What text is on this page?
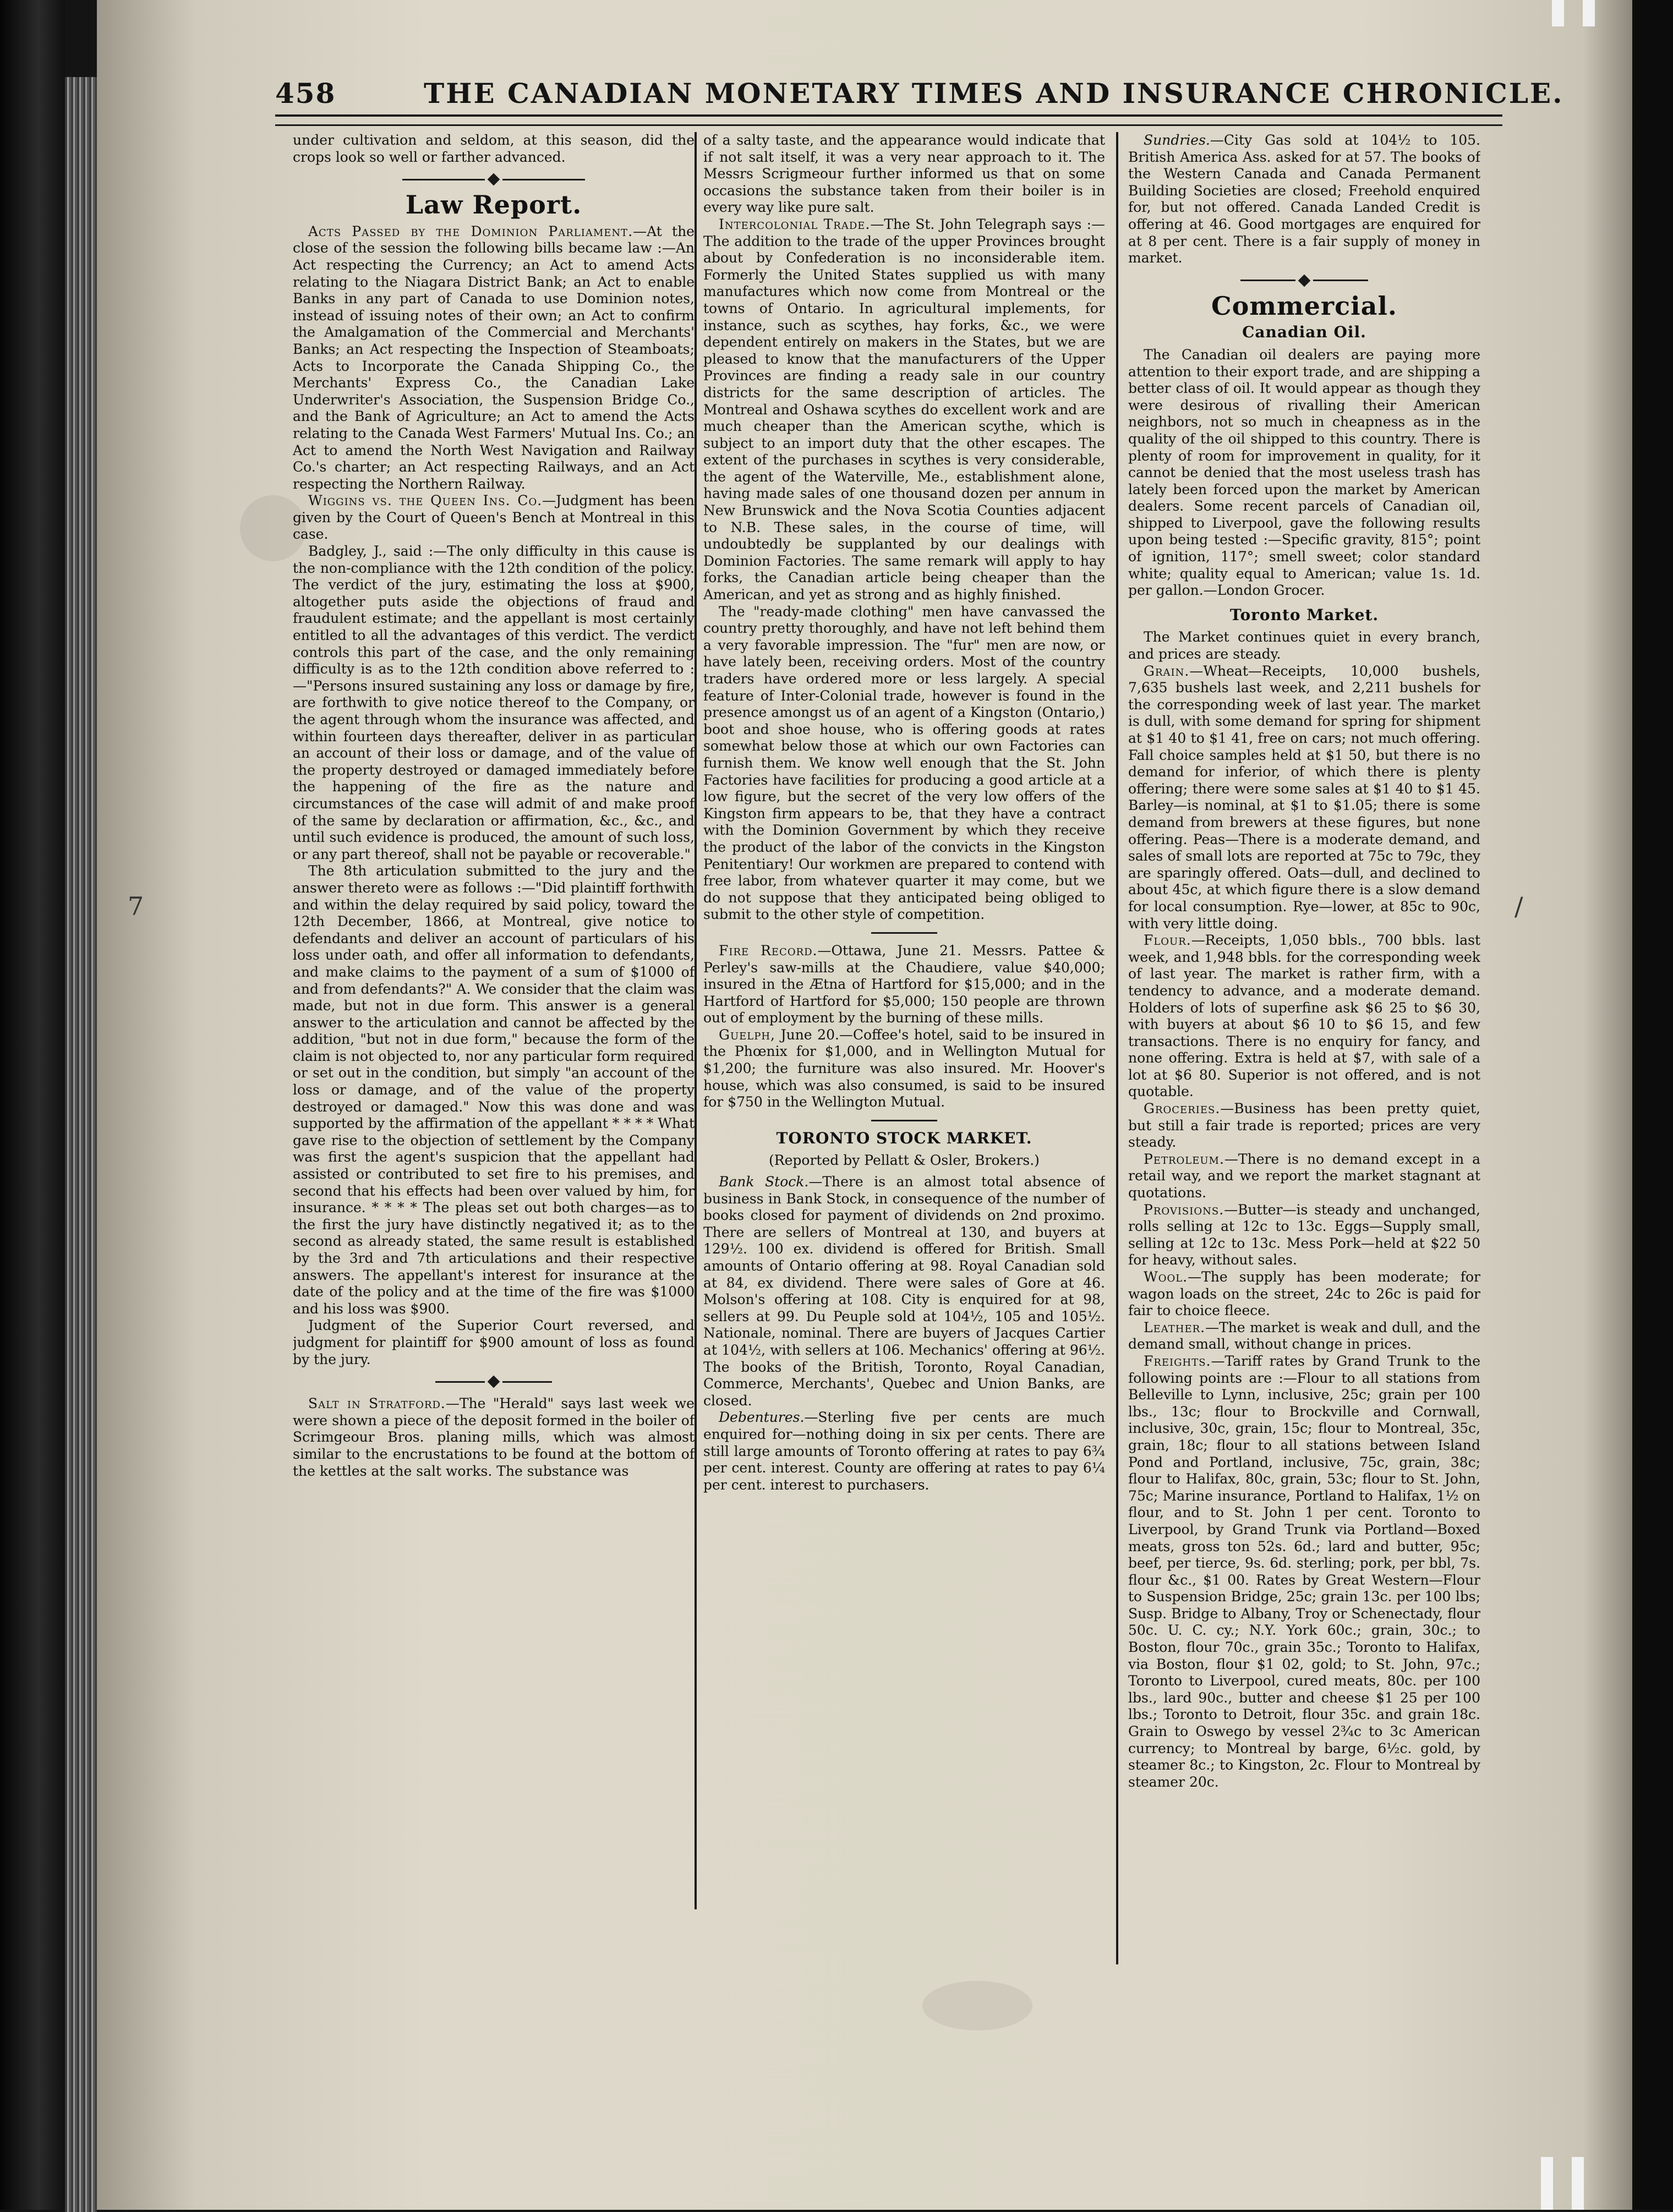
458	THE CANADIAN MONETARY TIMES AND INSURANCE CHRONICLE.

under cultivation and seldom, at this season, did the crops look so well or farther advanced.

Law Report.

Acts Passed by the Dominion Parliament.—At the close of the session the following bills became law :—An Act respecting the Currency; an Act to amend Acts relating to the Niagara District Bank; an Act to enable Banks in any part of Canada to use Dominion notes, instead of issuing notes of their own; an Act to confirm the Amalgamation of the Commercial and Merchants' Banks; an Act respecting the Inspection of Steamboats; Acts to Incorporate the Canada Shipping Co., the Merchants' Express Co., the Canadian Lake Underwriter's Association, the Suspension Bridge Co., and the Bank of Agriculture; an Act to amend the Acts relating to the Canada West Farmers' Mutual Ins. Co.; an Act to amend the North West Navigation and Railway Co.'s charter; an Act respecting Railways, and an Act respecting the Northern Railway.

Wiggins vs. the Queen Ins. Co.—Judgment has been given by the Court of Queen's Bench at Montreal in this case.

Badgley, J., said :—The only difficulty in this cause is the non-compliance with the 12th condition of the policy. The verdict of the jury, estimating the loss at $900, altogether puts aside the objections of fraud and fraudulent estimate; and the appellant is most certainly entitled to all the advantages of this verdict. The verdict controls this part of the case, and the only remaining difficulty is as to the 12th condition above referred to :—"Persons insured sustaining any loss or damage by fire, are forthwith to give notice thereof to the Company, or the agent through whom the insurance was affected, and within fourteen days thereafter, deliver in as particular an account of their loss or damage, and of the value of the property destroyed or damaged immediately before the happening of the fire as the nature and circumstances of the case will admit of and make proof of the same by declaration or affirmation, &c., &c., and until such evidence is produced, the amount of such loss, or any part thereof, shall not be payable or recoverable."

The 8th articulation submitted to the jury and the answer thereto were as follows :—"Did plaintiff forthwith and within the delay required by said policy, toward the 12th December, 1866, at Montreal, give notice to defendants and deliver an account of particulars of his loss under oath, and offer all information to defendants, and make claims to the payment of a sum of $1000 of and from defendants?" A. We consider that the claim was made, but not in due form. This answer is a general answer to the articulation and cannot be affected by the addition, "but not in due form," because the form of the claim is not objected to, nor any particular form required or set out in the condition, but simply "an account of the loss or damage, and of the value of the property destroyed or damaged." Now this was done and was supported by the affirmation of the appellant * * * * What gave rise to the objection of settlement by the Company was first the agent's suspicion that the appellant had assisted or contributed to set fire to his premises, and second that his effects had been over valued by him, for insurance. * * * * The pleas set out both charges—as to the first the jury have distinctly negatived it; as to the second as already stated, the same result is established by the 3rd and 7th articulations and their respective answers. The appellant's interest for insurance at the date of the policy and at the time of the fire was $1000 and his loss was $900.

Judgment of the Superior Court reversed, and judgment for plaintiff for $900 amount of loss as found by the jury.

Salt in Stratford.—The "Herald" says last week we were shown a piece of the deposit formed in the boiler of Scrimgeour Bros. planing mills, which was almost similar to the encrustations to be found at the bottom of the kettles at the salt works. The substance was

of a salty taste, and the appearance would indicate that if not salt itself, it was a very near approach to it. The Messrs Scrigmeour further informed us that on some occasions the substance taken from their boiler is in every way like pure salt.

Intercolonial Trade.—The St. John Telegraph says :—The addition to the trade of the upper Provinces brought about by Confederation is no inconsiderable item. Formerly the United States supplied us with many manufactures which now come from Montreal or the towns of Ontario. In agricultural implements, for instance, such as scythes, hay forks, &c., we were dependent entirely on makers in the States, but we are pleased to know that the manufacturers of the Upper Provinces are finding a ready sale in our country districts for the same description of articles. The Montreal and Oshawa scythes do excellent work and are much cheaper than the American scythe, which is subject to an import duty that the other escapes. The extent of the purchases in scythes is very considerable, the agent of the Waterville, Me., establishment alone, having made sales of one thousand dozen per annum in New Brunswick and the Nova Scotia Counties adjacent to N.B. These sales, in the course of time, will undoubtedly be supplanted by our dealings with Dominion Factories. The same remark will apply to hay forks, the Canadian article being cheaper than the American, and yet as strong and as highly finished.

The "ready-made clothing" men have canvassed the country pretty thoroughly, and have not left behind them a very favorable impression. The "fur" men are now, or have lately been, receiving orders. Most of the country traders have ordered more or less largely. A special feature of Inter-Colonial trade, however is found in the presence amongst us of an agent of a Kingston (Ontario,) boot and shoe house, who is offering goods at rates somewhat below those at which our own Factories can furnish them. We know well enough that the St. John Factories have facilities for producing a good article at a low figure, but the secret of the very low offers of the Kingston firm appears to be, that they have a contract with the Dominion Government by which they receive the product of the labor of the convicts in the Kingston Penitentiary! Our workmen are prepared to contend with free labor, from whatever quarter it may come, but we do not suppose that they anticipated being obliged to submit to the other style of competition.

Fire Record.—Ottawa, June 21. Messrs. Pattee & Perley's saw-mills at the Chaudiere, value $40,000; insured in the Ætna of Hartford for $15,000; and in the Hartford of Hartford for $5,000; 150 people are thrown out of employment by the burning of these mills.

Guelph, June 20.—Coffee's hotel, said to be insured in the Phœnix for $1,000, and in Wellington Mutual for $1,200; the furniture was also insured. Mr. Hoover's house, which was also consumed, is said to be insured for $750 in the Wellington Mutual.

TORONTO STOCK MARKET.
(Reported by Pellatt & Osler, Brokers.)

Bank Stock.—There is an almost total absence of business in Bank Stock, in consequence of the number of books closed for payment of dividends on 2nd proximo. There are sellers of Montreal at 130, and buyers at 129½. 100 ex. dividend is offered for British. Small amounts of Ontario offering at 98. Royal Canadian sold at 84, ex dividend. There were sales of Gore at 46. Molson's offering at 108. City is enquired for at 98, sellers at 99. Du Peuple sold at 104½, 105 and 105½. Nationale, nominal. There are buyers of Jacques Cartier at 104½, with sellers at 106. Mechanics' offering at 96½. The books of the British, Toronto, Royal Canadian, Commerce, Merchants', Quebec and Union Banks, are closed.

Debentures.—Sterling five per cents are much enquired for—nothing doing in six per cents. There are still large amounts of Toronto offering at rates to pay 6¾ per cent. interest. County are offering at rates to pay 6¼ per cent. interest to purchasers.

Sundries.—City Gas sold at 104½ to 105. British America Ass. asked for at 57. The books of the Western Canada and Canada Permanent Building Societies are closed; Freehold enquired for, but not offered. Canada Landed Credit is offering at 46. Good mortgages are enquired for at 8 per cent. There is a fair supply of money in market.

Commercial.
Canadian Oil.

The Canadian oil dealers are paying more attention to their export trade, and are shipping a better class of oil. It would appear as though they were desirous of rivalling their American neighbors, not so much in cheapness as in the quality of the oil shipped to this country. There is plenty of room for improvement in quality, for it cannot be denied that the most useless trash has lately been forced upon the market by American dealers. Some recent parcels of Canadian oil, shipped to Liverpool, gave the following results upon being tested :—Specific gravity, 815°; point of ignition, 117°; smell sweet; color standard white; quality equal to American; value 1s. 1d. per gallon.—London Grocer.

Toronto Market.

The Market continues quiet in every branch, and prices are steady.

Grain.—Wheat—Receipts, 10,000 bushels, 7,635 bushels last week, and 2,211 bushels for the corresponding week of last year. The market is dull, with some demand for spring for shipment at $1 40 to $1 41, free on cars; not much offering. Fall choice samples held at $1 50, but there is no demand for inferior, of which there is plenty offering; there were some sales at $1 40 to $1 45. Barley—is nominal, at $1 to $1.05; there is some demand from brewers at these figures, but none offering. Peas—There is a moderate demand, and sales of small lots are reported at 75c to 79c, they are sparingly offered. Oats—dull, and declined to about 45c, at which figure there is a slow demand for local consumption. Rye—lower, at 85c to 90c, with very little doing.

Flour.—Receipts, 1,050 bbls., 700 bbls. last week, and 1,948 bbls. for the corresponding week of last year. The market is rather firm, with a tendency to advance, and a moderate demand. Holders of lots of superfine ask $6 25 to $6 30, with buyers at about $6 10 to $6 15, and few transactions. There is no enquiry for fancy, and none offering. Extra is held at $7, with sale of a lot at $6 80. Superior is not offered, and is not quotable.

Groceries.—Business has been pretty quiet, but still a fair trade is reported; prices are very steady.

Petroleum.—There is no demand except in a retail way, and we report the market stagnant at quotations.

Provisions.—Butter—is steady and unchanged, rolls selling at 12c to 13c. Eggs—Supply small, selling at 12c to 13c. Mess Pork—held at $22 50 for heavy, without sales.

Wool.—The supply has been moderate; for wagon loads on the street, 24c to 26c is paid for fair to choice fleece.

Leather.—The market is weak and dull, and the demand small, without change in prices.

Freights.—Tariff rates by Grand Trunk to the following points are :—Flour to all stations from Belleville to Lynn, inclusive, 25c; grain per 100 lbs., 13c; flour to Brockville and Cornwall, inclusive, 30c, grain, 15c; flour to Montreal, 35c, grain, 18c; flour to all stations between Island Pond and Portland, inclusive, 75c, grain, 38c; flour to Halifax, 80c, grain, 53c; flour to St. John, 75c; Marine insurance, Portland to Halifax, 1½ on flour, and to St. John 1 per cent. Toronto to Liverpool, by Grand Trunk via Portland—Boxed meats, gross ton 52s. 6d.; lard and butter, 95c; beef, per tierce, 9s. 6d. sterling; pork, per bbl, 7s. flour &c., $1 00. Rates by Great Western—Flour to Suspension Bridge, 25c; grain 13c. per 100 lbs; Susp. Bridge to Albany, Troy or Schenectady, flour 50c. U. C. cy.; N.Y. York 60c.; grain, 30c.; to Boston, flour 70c., grain 35c.; Toronto to Halifax, via Boston, flour $1 02, gold; to St. John, 97c.; Toronto to Liverpool, cured meats, 80c. per 100 lbs., lard 90c., butter and cheese $1 25 per 100 lbs.; Toronto to Detroit, flour 35c. and grain 18c. Grain to Oswego by vessel 2¾c to 3c American currency; to Montreal by barge, 6½c. gold, by steamer 8c.; to Kingston, 2c. Flour to Montreal by steamer 20c.

7	/
